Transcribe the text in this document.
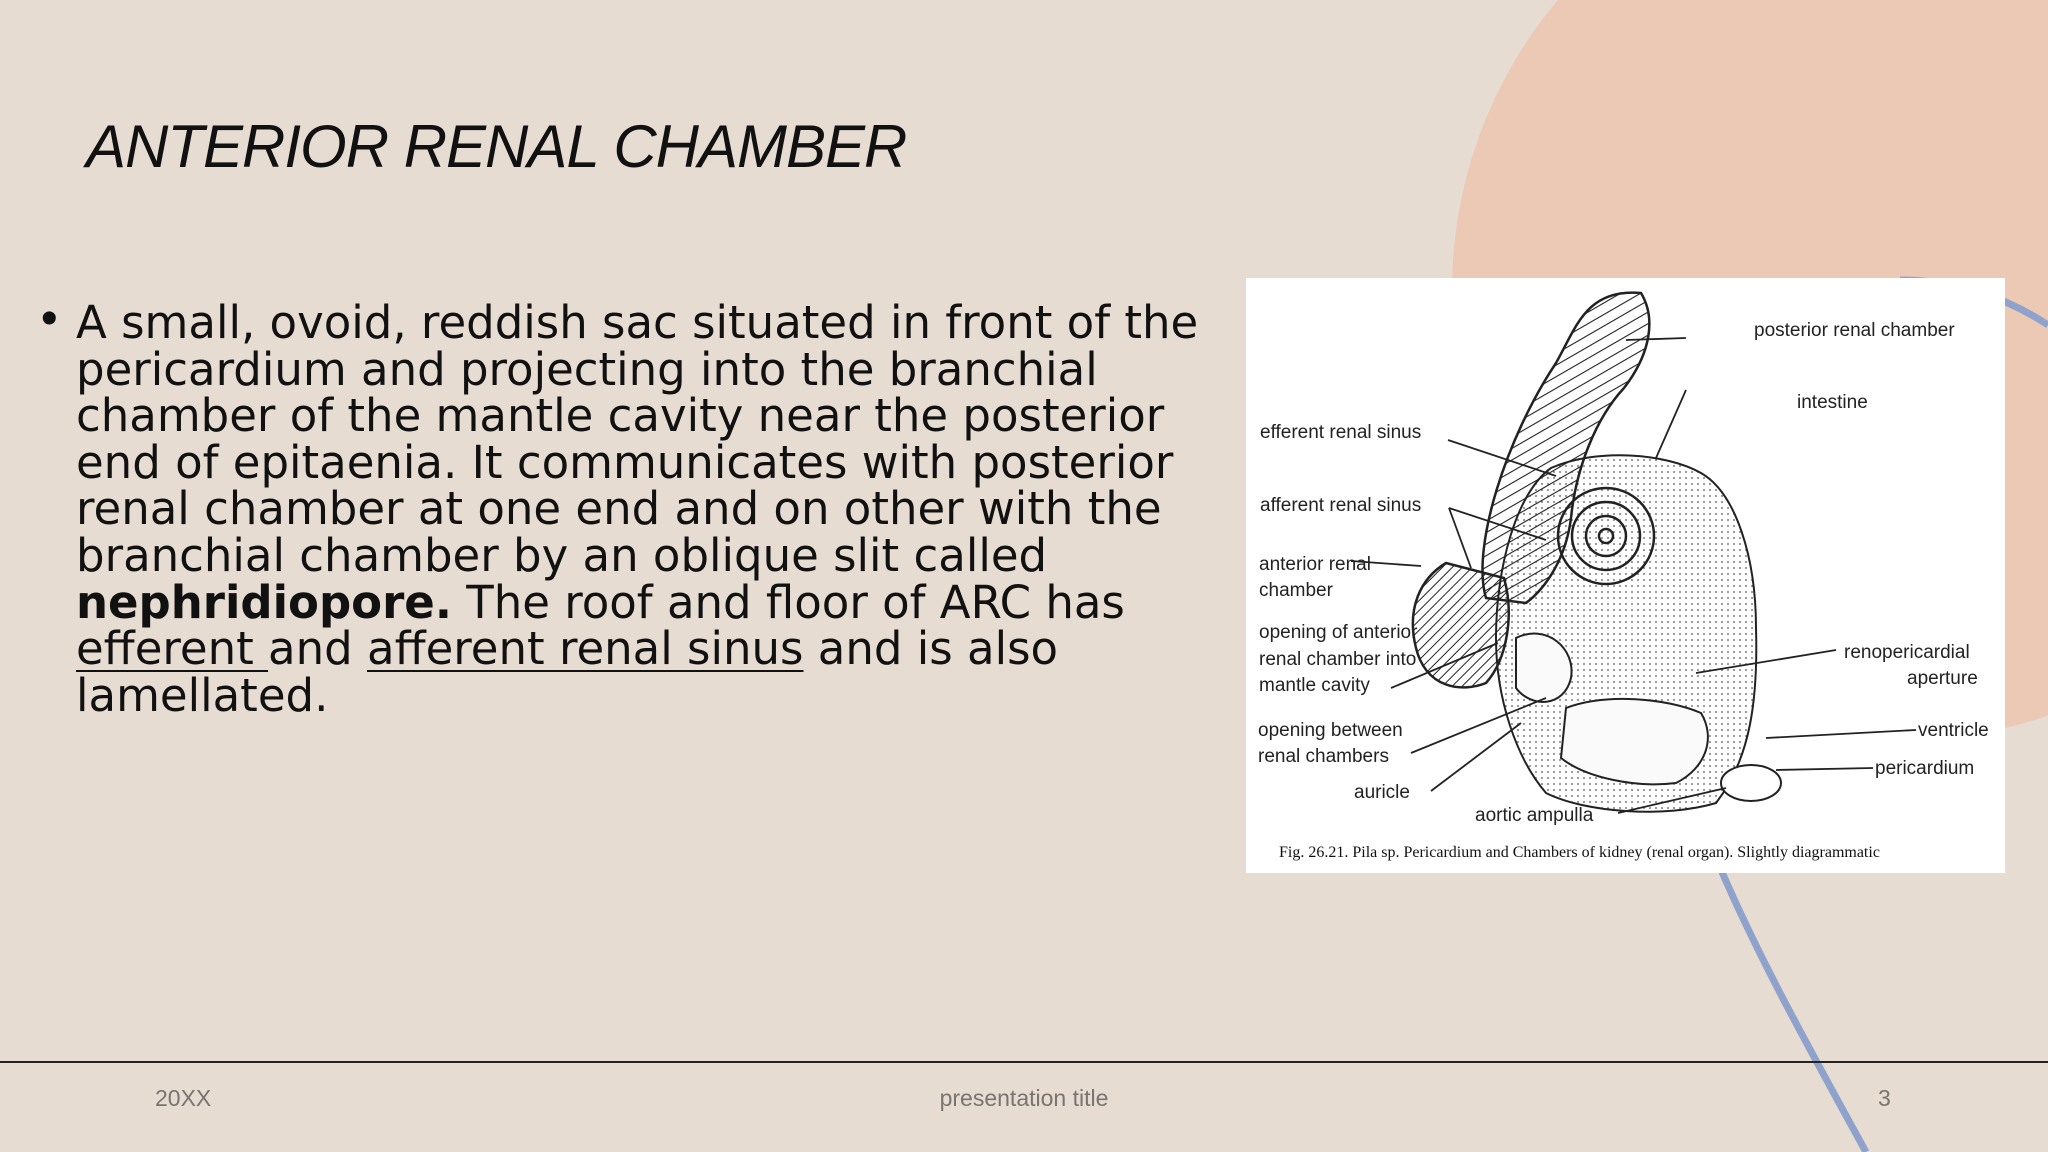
ANTERIOR RENAL CHAMBER
• A small, ovoid, reddish sac situated in front of the pericardium and projecting into the branchial chamber of the mantle cavity near the posterior end of epitaenia. It communicates with posterior renal chamber at one end and on other with the branchial chamber by an oblique slit called nephridiopore. The roof and floor of ARC has efferent and afferent renal sinus and is also lamellated.
posterior renal chamber
intestine
efferent renal sinus
afferent renal sinus
anterior renal
chamber
opening of anterior
renal chamber into
mantle cavity
renopericardial
aperture
opening between
renal chambers
ventricle
pericardium
auricle
aortic ampulla
Fig. 26.21. Pila sp. Pericardium and Chambers of kidney (renal organ). Slightly diagrammatic
20XX	presentation title	3
